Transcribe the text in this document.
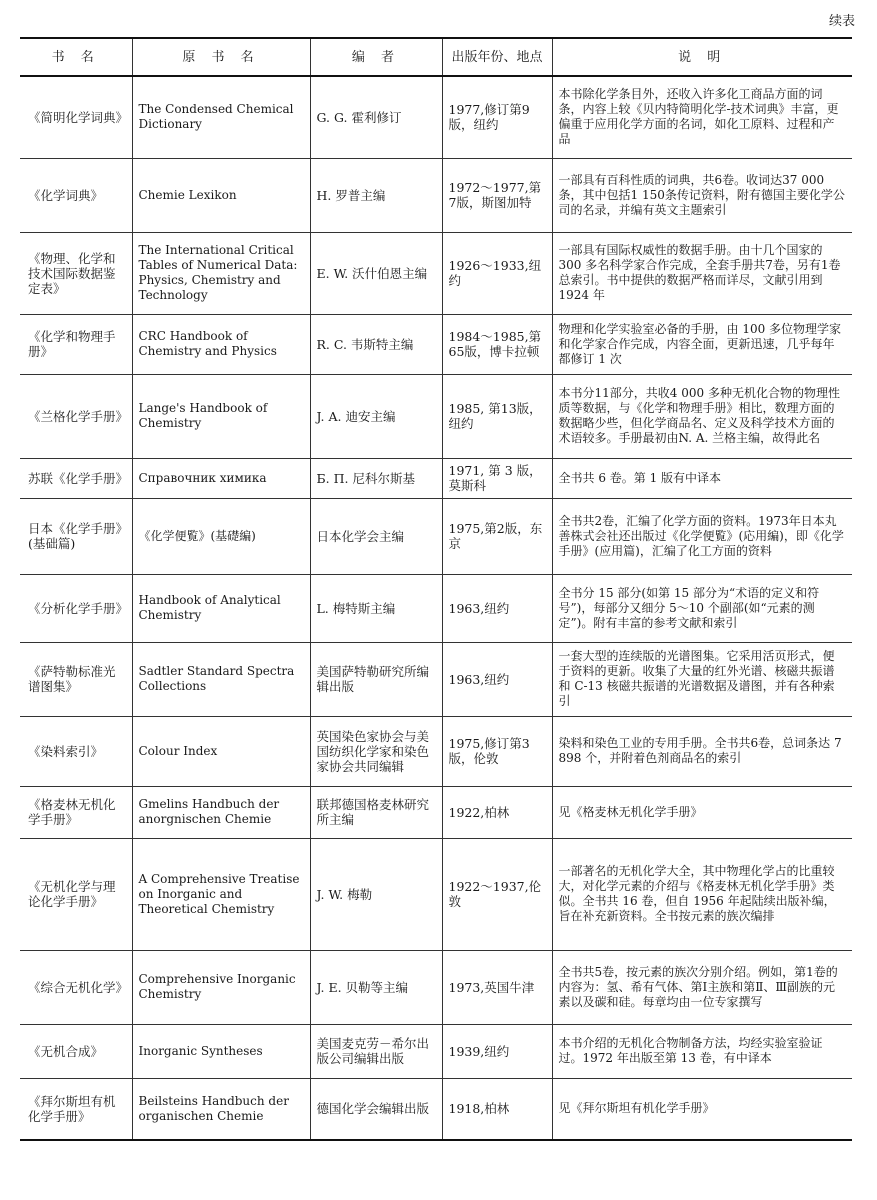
续表
书 名	原 书 名	编 者	出版年份、地点	说 明
《简明化学词典》	The Condensed Chemical Dictionary	G. G. 霍利修订	1977,修订第9版，纽约	本书除化学条目外，还收入许多化工商品方面的词条，内容上较《贝内特简明化学-技术词典》丰富，更偏重于应用化学方面的名词，如化工原料、过程和产品
《化学词典》	Chemie Lexikon	H. 罗普主编	1972～1977,第7版，斯图加特	一部具有百科性质的词典，共6卷。收词达37 000条，其中包括1 150条传记资料，附有德国主要化学公司的名录，并编有英文主题索引
《物理、化学和技术国际数据鉴定表》	The International Critical Tables of Numerical Data: Physics, Chemistry and Technology	E. W. 沃什伯恩主编	1926～1933,纽约	一部具有国际权威性的数据手册。由十几个国家的 300 多名科学家合作完成，全套手册共7卷，另有1卷总索引。书中提供的数据严格而详尽，文献引用到 1924 年
《化学和物理手册》	CRC Handbook of Chemistry and Physics	R. C. 韦斯特主编	1984～1985,第65版，博卡拉顿	物理和化学实验室必备的手册，由 100 多位物理学家和化学家合作完成，内容全面，更新迅速，几乎每年都修订 1 次
《兰格化学手册》	Lange's Handbook of Chemistry	J. A. 迪安主编	1985, 第13版，纽约	本书分11部分，共收4 000 多种无机化合物的物理性质等数据，与《化学和物理手册》相比，数理方面的数据略少些，但化学商品名、定义及科学技术方面的术语较多。手册最初由N. A. 兰格主编，故得此名
苏联《化学手册》	Справочник химика	Б. П. 尼科尔斯基	1971, 第 3 版，莫斯科	全书共 6 卷。第 1 版有中译本
日本《化学手册》(基础篇)	《化学便覧》(基礎編)	日本化学会主编	1975,第2版，东京	全书共2卷，汇编了化学方面的资料。1973年日本丸善株式会社还出版过《化学便覧》(応用編)，即《化学手册》(应用篇)，汇编了化工方面的资料
《分析化学手册》	Handbook of Analytical Chemistry	L. 梅特斯主编	1963,纽约	全书分 15 部分(如第 15 部分为“术语的定义和符号”)，每部分又细分 5～10 个副部(如“元素的测定”)。附有丰富的参考文献和索引
《萨特勒标准光谱图集》	Sadtler Standard Spectra Collections	美国萨特勒研究所编辑出版	1963,纽约	一套大型的连续版的光谱图集。它采用活页形式，便于资料的更新。收集了大量的红外光谱、核磁共振谱和 C-13 核磁共振谱的光谱数据及谱图，并有各种索引
《染料索引》	Colour Index	英国染色家协会与美国纺织化学家和染色家协会共同编辑	1975,修订第3版，伦敦	染料和染色工业的专用手册。全书共6卷，总词条达 7 898 个，并附着色剂商品名的索引
《格麦林无机化学手册》	Gmelins Handbuch der anorgnischen Chemie	联邦德国格麦林研究所主编	1922,柏林	见《格麦林无机化学手册》
《无机化学与理论化学手册》	A Comprehensive Treatise on Inorganic and Theoretical Chemistry	J. W. 梅勒	1922～1937,伦敦	一部著名的无机化学大全，其中物理化学占的比重较大，对化学元素的介绍与《格麦林无机化学手册》类似。全书共 16 卷，但自 1956 年起陆续出版补编，旨在补充新资料。全书按元素的族次编排
《综合无机化学》	Comprehensive Inorganic Chemistry	J. E. 贝勒等主编	1973,英国牛津	全书共5卷，按元素的族次分别介绍。例如，第1卷的内容为：氢、希有气体、第Ⅰ主族和第Ⅱ、Ⅲ副族的元素以及碳和硅。每章均由一位专家撰写
《无机合成》	Inorganic Syntheses	美国麦克劳－希尔出版公司编辑出版	1939,纽约	本书介绍的无机化合物制备方法，均经实验室验证过。1972 年出版至第 13 卷，有中译本
《拜尔斯坦有机化学手册》	Beilsteins Handbuch der organischen Chemie	德国化学会编辑出版	1918,柏林	见《拜尔斯坦有机化学手册》
